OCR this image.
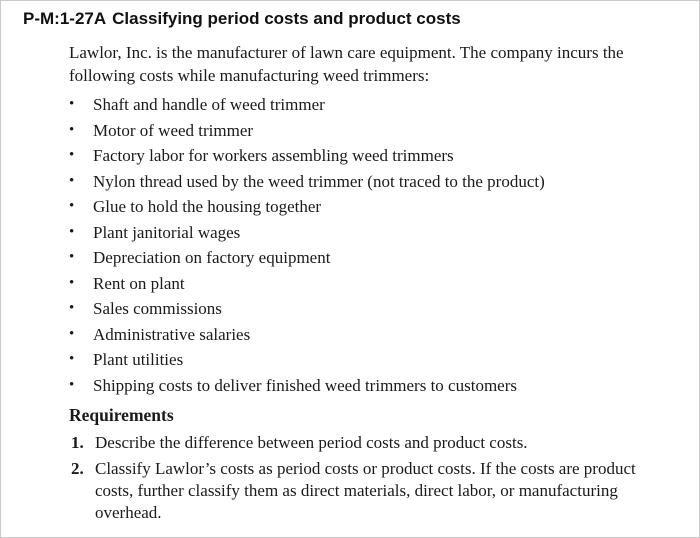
P-M:1-27A Classifying period costs and product costs
Lawlor, Inc. is the manufacturer of lawn care equipment. The company incurs the following costs while manufacturing weed trimmers:
• Shaft and handle of weed trimmer
• Motor of weed trimmer
• Factory labor for workers assembling weed trimmers
• Nylon thread used by the weed trimmer (not traced to the product)
• Glue to hold the housing together
• Plant janitorial wages
• Depreciation on factory equipment
• Rent on plant
• Sales commissions
• Administrative salaries
• Plant utilities
• Shipping costs to deliver finished weed trimmers to customers
Requirements
1. Describe the difference between period costs and product costs.
2. Classify Lawlor’s costs as period costs or product costs. If the costs are product costs, further classify them as direct materials, direct labor, or manufacturing overhead.
